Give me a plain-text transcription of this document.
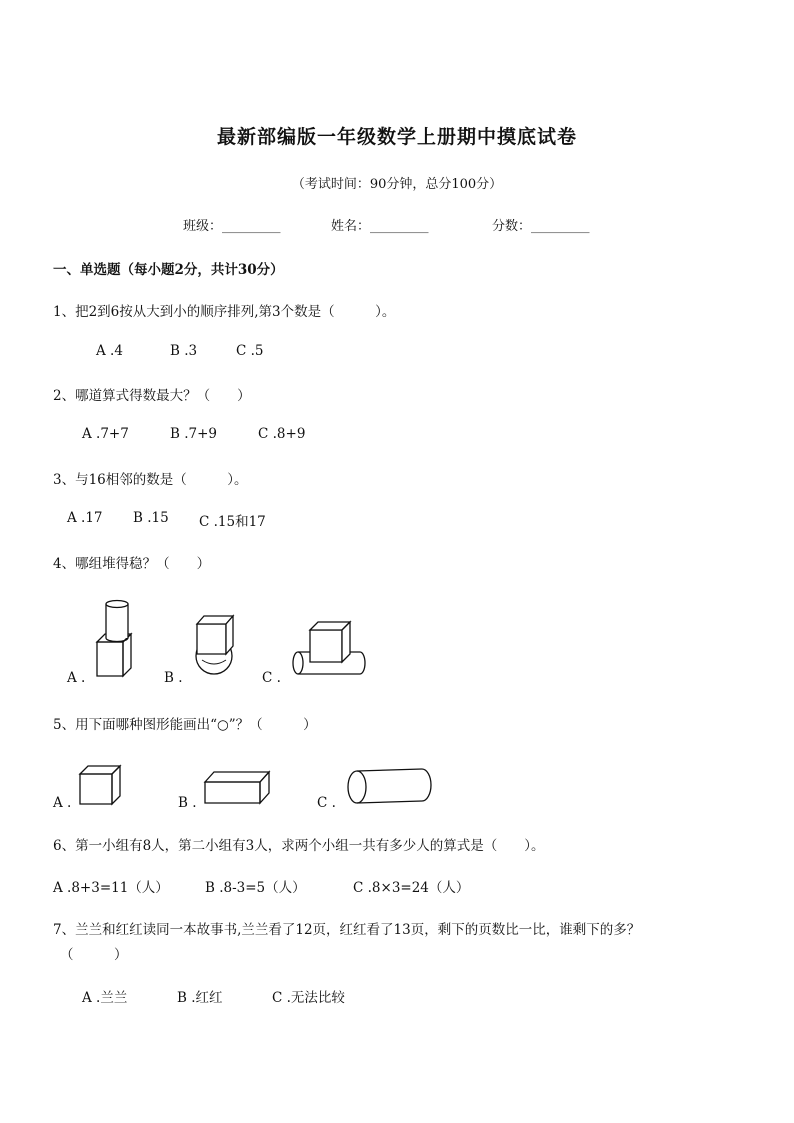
最新部编版一年级数学上册期中摸底试卷
（考试时间：90分钟，总分100分）
班级：_________	姓名：_________	分数：_________
一、单选题（每小题2分，共计30分）
1、把2到6按从大到小的顺序排列,第3个数是（　　　）。
A .4	B .3	C .5
2、哪道算式得数最大？（　　）
A .7+7	B .7+9	C .8+9
3、与16相邻的数是（　　　）。
A .17 B .15 C .15和17
4、哪组堆得稳？（　　）
A .	B .	C .
5、用下面哪种图形能画出“○”？（　　　）
A .	B .	C .
6、第一小组有8人，第二小组有3人，求两个小组一共有多少人的算式是（　　）。
A .8+3=11（人）	B .8-3=5（人）	C .8×3=24（人）
7、兰兰和红红读同一本故事书,兰兰看了12页，红红看了13页，剩下的页数比一比，谁剩下的多？
（　　　）
A .兰兰	B .红红	C .无法比较
